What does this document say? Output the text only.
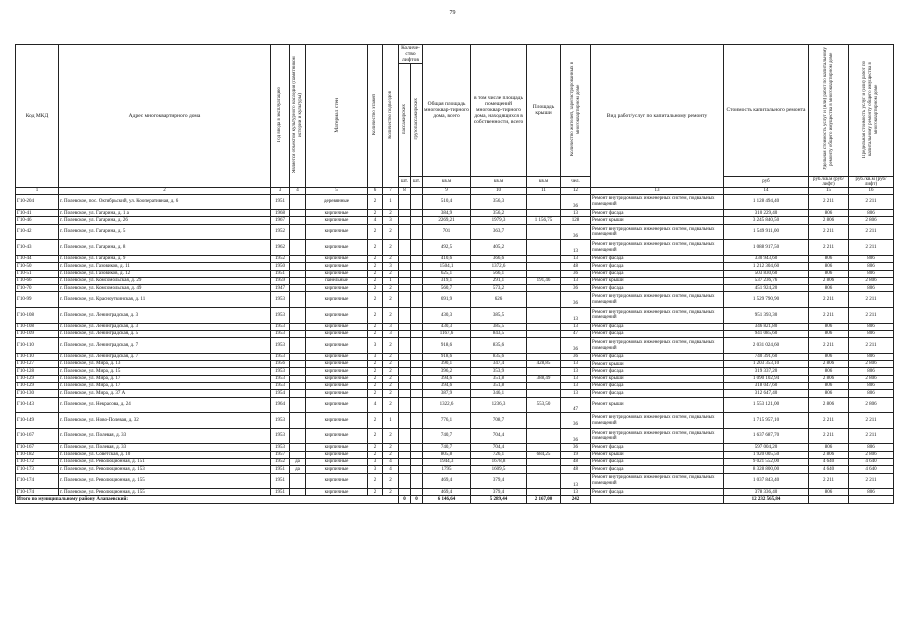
79
Код МКД	Адрес многоквартирного дома	Год ввода в эксплуатацию	Является объектом культурного наследия (памятником истории и культуры)	Материал стен	Количество этажей	Количество подъездов	Количе-ство лифтов		Общая площадь многоквар-тирного дома, всего	в том числе площадь помещений многоквар-тирного дома, находящихся в собственности, всего	Площадь крыши	Количество жителей, зарегистрированных в многоквартирном доме	Вид работ/услуг по капитальному ремонту	Стоимость капитального ремонта	Удельная стоимость услуг и (или) работ по капитальному ремонту общего имущества в многоквартирном доме	Предельная стоимость услуг и (или) работ по капитальному ремонту общего имущества в многоквартирном доме
							пассажирских	грузопассажирских								
							шт.	шт.	кв.м	кв.м	кв.м	чел.		руб	руб./кв.м (руб/лифт)	руб./кв.м (руб/лифт)
1	2	3	4	5	6	7	8		9	10	11	12	13	14	15	16
Г10-204	г. Полевское, пос. Октябрьский, ул. Кооперативная, д. 6	1951		деревянные	2	1			510,4	356,3		36	Ремонт внутридомовых инженерных систем, подвальных помещений	1 128 494,40	2 211	2 211
Г10-41	г. Полевское, ул. Гагарина, д. 1 а	1968		кирпичные	2	2			384,9	356,2		13	Ремонт фасада	310 229,40	806	806
Г10-46	г. Полевское, ул. Гагарина, д. 26	1967		кирпичные	4	3			2269,21	1979,3	1 156,75	128	Ремонт крыши	3 245 840,50	2 806	2 806
Г10-42	г. Полевское, ул. Гагарина, д. 5	1952		кирпичные	2	2			701	363,7		36	Ремонт внутридомовых инженерных систем, подвальных помещений	1 549 911,00	2 211	2 211
Г10-43	г. Полевское, ул. Гагарина, д. 8	1962		кирпичные	2	2			492,5	405,2		13	Ремонт внутридомовых инженерных систем, подвальных помещений	1 088 917,50	2 211	2 211
Г10-44	г. Полевское, ул. Гагарина, д. 9	1952		кирпичные	2	2			410,6	366,6		13	Ремонт фасада	330 943,60	806	806
Г10-50	г. Полевское, ул. Газовиков, д. 11	1950		кирпичные	2	3			1504,1	1372,6		48	Ремонт фасада	1 212 304,60	806	806
Г10-51	г. Полевское, ул. Газовиков, д. 12	1951		кирпичные	2	2			625,1	566,1		36	Ремонт фасада	503 830,60	806	806
Г10-66	г. Полевское, ул. Комсомольская, д. 29	1959		панельные	2	1			319,1	291,1	191,46	13	Ремонт крыши	537 236,76	2 806	2 806
Г10-70	г. Полевское, ул. Комсомольская, д. 49	1947		кирпичные	2	2			560,7	573,2		36	Ремонт фасада	451 924,20	806	806
Г10-99	г. Полевское, ул. Красноуткинская, д. 11	1953		кирпичные	2	2			691,9	626		36	Ремонт внутридомовых инженерных систем, подвальных помещений	1 529 790,90	2 211	2 211
Г10-108	г. Полевское, ул. Ленинградская, д. 3	1953		кирпичные	2	2			430,3	385,5		13	Ремонт внутридомовых инженерных систем, подвальных помещений	951 393,30	2 211	2 211
Г10-108	г. Полевское, ул. Ленинградская, д. 3	1953		кирпичные	2	3			430,3	385,5		13	Ремонт фасада	346 821,80	806	806
Г10-109	г. Полевское, ул. Ленинградская, д. 5	1953		кирпичные	2	3			1167,6	843,5		47	Ремонт фасада	941 085,60	806	806
Г10-110	г. Полевское, ул. Ленинградская, д. 7	1953		кирпичные	3	2			918,6	835,6		36	Ремонт внутридомовых инженерных систем, подвальных помещений	2 031 024,60	2 211	2 211
Г10-110	г. Полевское, ул. Ленинградская, д. 7	1953		кирпичные	3	2			918,6	835,6		36	Ремонт фасада	740 391,60	806	806
Г10-127	г. Полевское, ул. Мира, д. 13	1956		кирпичные	2	2			390,1	347,4	428,85	13	Ремонт крыши	1 203 353,10	2 806	2 806
Г10-128	г. Полевское, ул. Мира, д. 15	1953		кирпичные	2	2			396,2	353,9		13	Ремонт фасада	319 337,20	806	806
Г10-129	г. Полевское, ул. Мира, д. 17	1953		кирпичные	2	2			394,6	351,8	388,49	13	Ремонт крыши	1 090 102,94	2 806	2 806
Г10-129	г. Полевское, ул. Мира, д. 17	1953		кирпичные	2	2			394,6	351,8		13	Ремонт фасада	318 047,60	806	806
Г10-130	г. Полевское, ул. Мира, д. 37 А	1954		кирпичные	2	2			387,9	346,1		13	Ремонт фасада	312 647,40	806	806
Г10-143	г. Полевское, ул. Некрасова, д. 24	1964		кирпичные	4	2			1322,6	1236,3	553,50	47	Ремонт крыши	1 553 121,00	2 806	2 806
Г10-149	г. Полевское, ул. Ново-Полевая, д. 32	1953		кирпичные	2	1			776,1	708,7		36	Ремонт внутридомовых инженерных систем, подвальных помещений	1 715 957,10	2 211	2 211
Г10-167	г. Полевское, ул. Полевая, д. 33	1953		кирпичные	2	2			740,7	704,4		36	Ремонт внутридомовых инженерных систем, подвальных помещений	1 637 687,70	2 211	2 211
Г10-167	г. Полевское, ул. Полевая, д. 33	1953		кирпичные	2	2			740,7	704,4		36	Ремонт фасада	597 004,20	806	806
Г10-182	г. Полевское, ул. Советская, д. 10	1957		кирпичные	2	2			805,8	726,1	684,25	19	Ремонт крыши	1 920 005,50	2 806	2 806
Г10-172	г. Полевское, ул. Революционная, д. 151	1952	да	кирпичные	3	4			1944,3	1678,8		48	Ремонт фасада	9 021 552,00	4 640	4 640
Г10-173	г. Полевское, ул. Революционная, д. 153	1951	да	кирпичные	3	4			1795	1609,5		48	Ремонт фасада	8 328 800,00	4 640	4 640
Г10-174	г. Полевское, ул. Революционная, д. 155	1951		кирпичные	2	2			469,4	379,4		13	Ремонт внутридомовых инженерных систем, подвальных помещений	1 037 843,40	2 211	2 211
Г10-174	г. Полевское, ул. Революционная, д. 155	1951		кирпичные	2	2			469,4	379,4		13	Ремонт фасада	378 336,40	806	806
Итого по муниципальному району Алапаевский:							0	0	6 146,64	5 289,44	2 167,00	242		12 232 565,84		
